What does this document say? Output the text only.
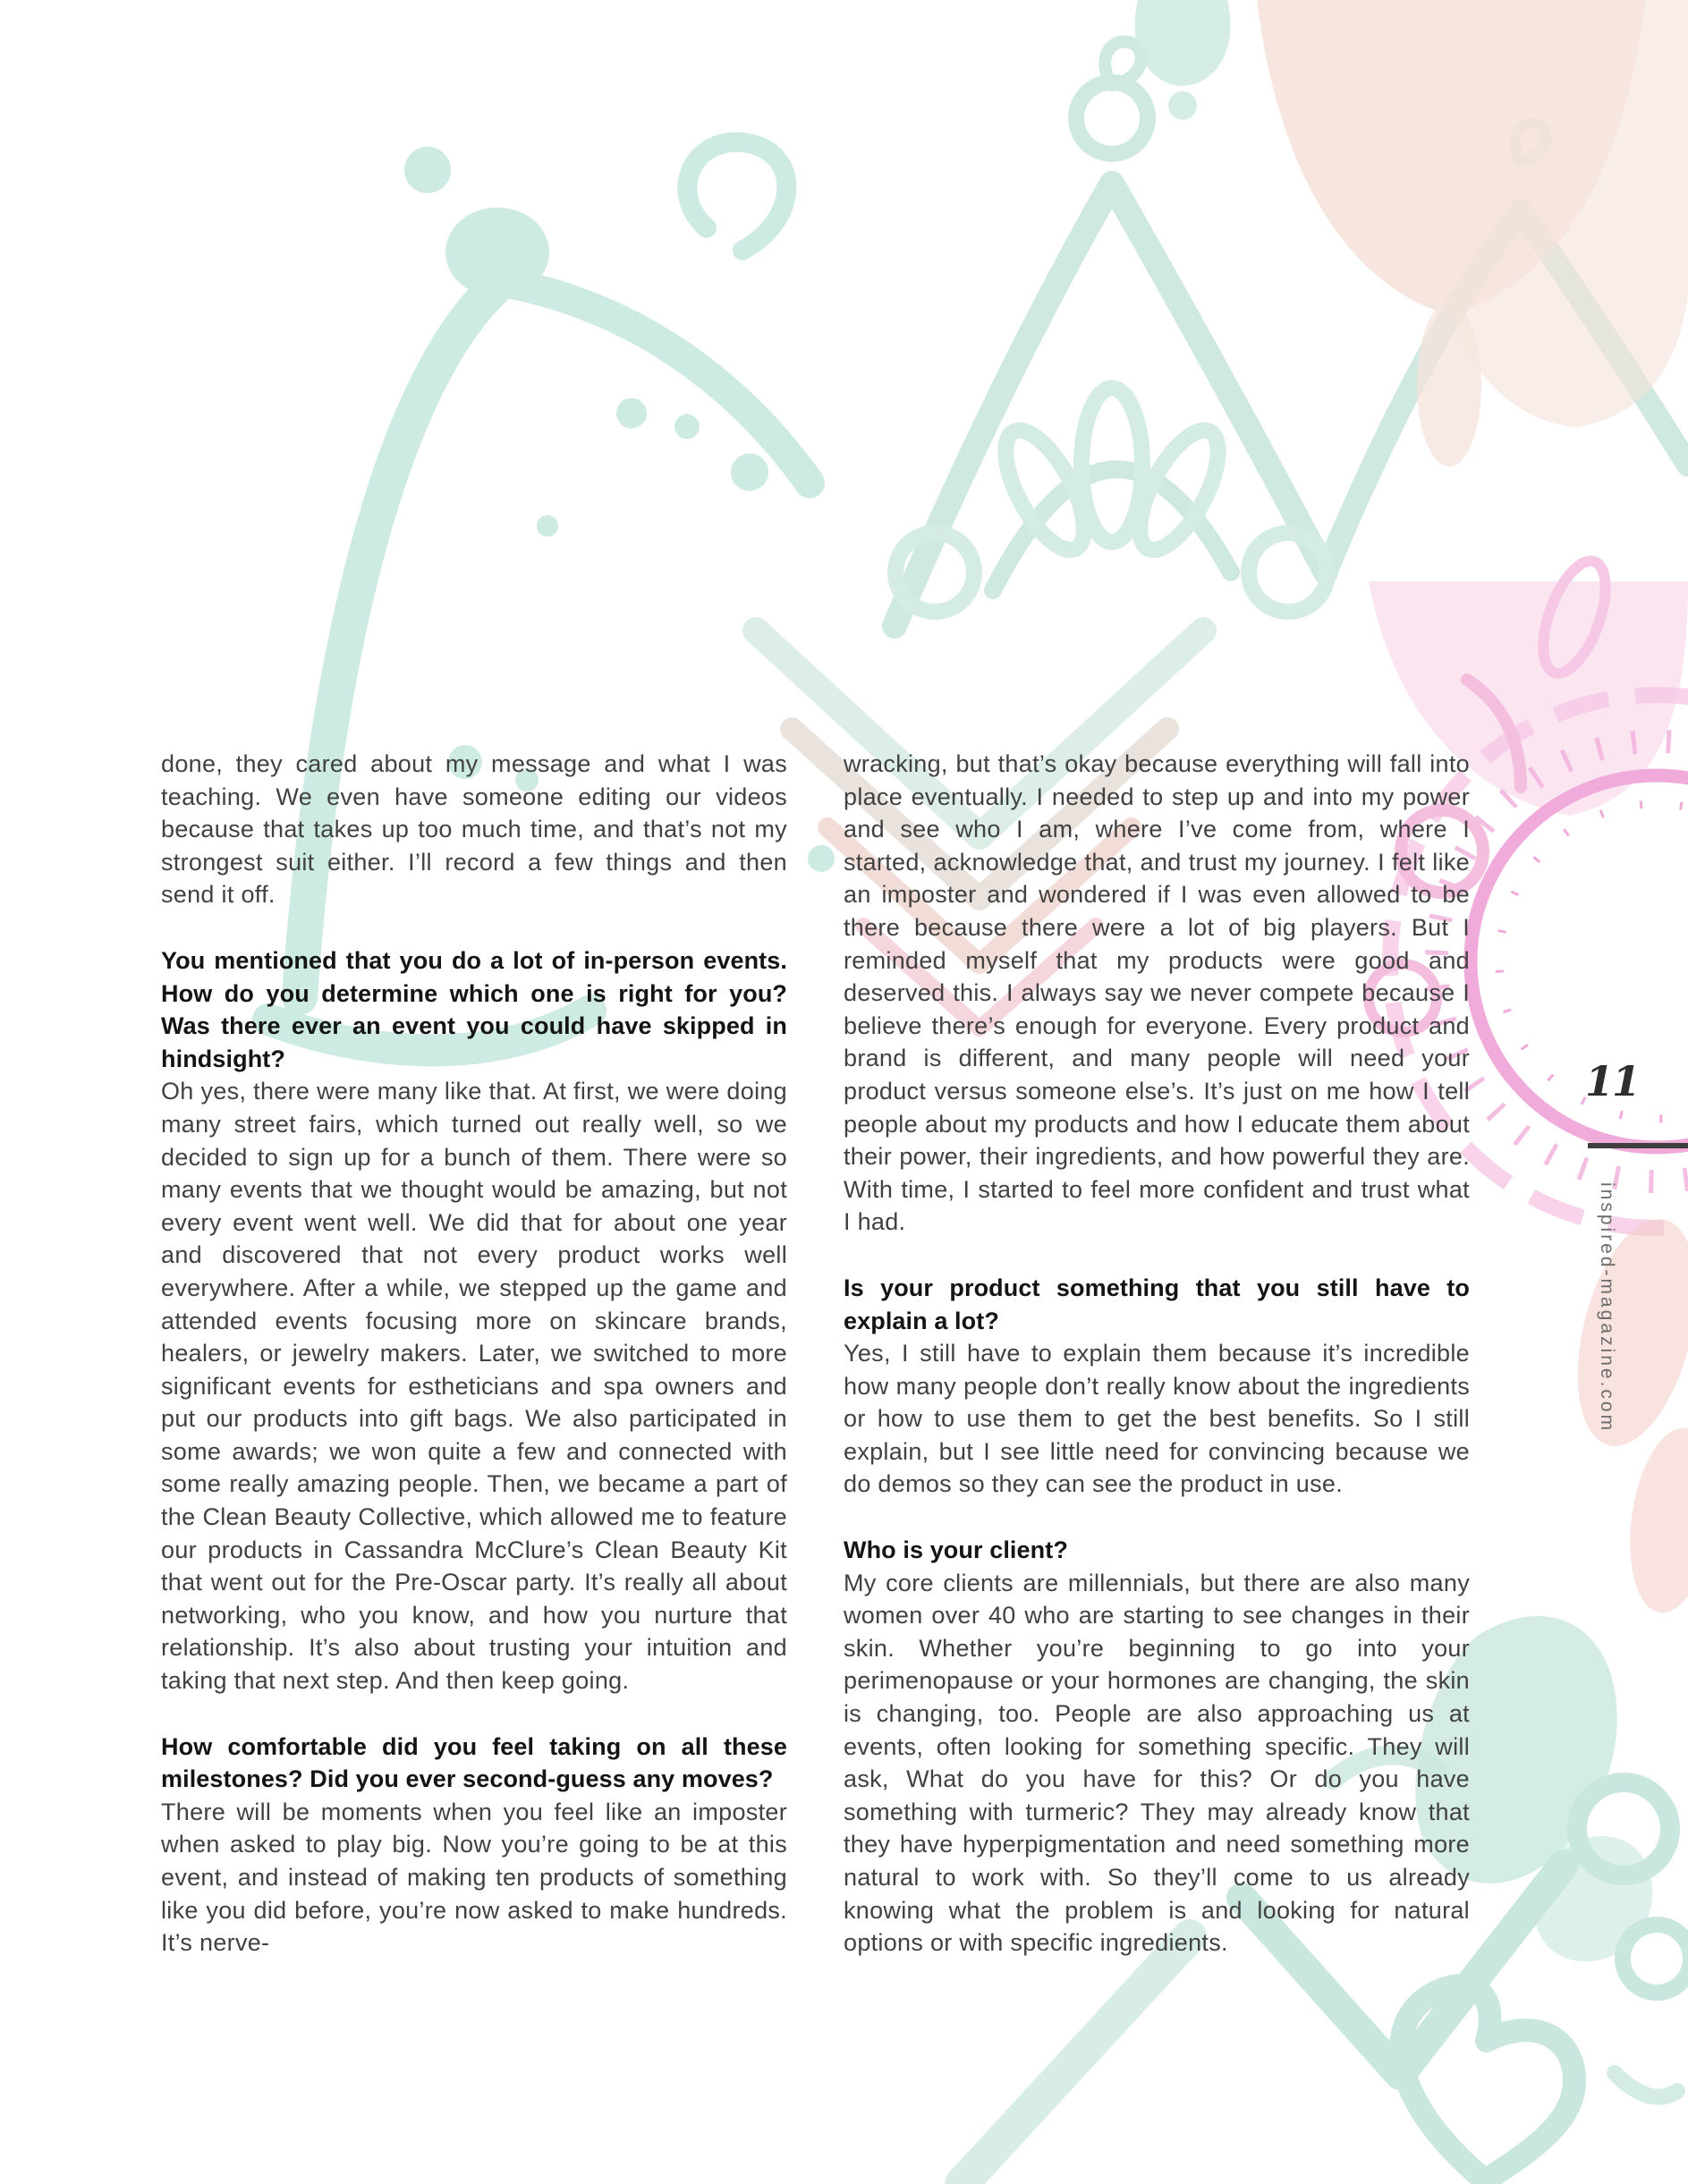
done, they cared about my message and what I was teaching. We even have someone editing our videos because that takes up too much time, and that’s not my strongest suit either. I’ll record a few things and then send it off.

You mentioned that you do a lot of in-person events. How do you determine which one is right for you? Was there ever an event you could have skipped in hindsight?

Oh yes, there were many like that. At first, we were doing many street fairs, which turned out really well, so we decided to sign up for a bunch of them. There were so many events that we thought would be amazing, but not every event went well. We did that for about one year and discovered that not every product works well everywhere. After a while, we stepped up the game and attended events focusing more on skincare brands, healers, or jewelry makers. Later, we switched to more significant events for estheticians and spa owners and put our products into gift bags. We also participated in some awards; we won quite a few and connected with some really amazing people. Then, we became a part of the Clean Beauty Collective, which allowed me to feature our products in Cassandra McClure’s Clean Beauty Kit that went out for the Pre-Oscar party. It’s really all about networking, who you know, and how you nurture that relationship. It’s also about trusting your intuition and taking that next step. And then keep going.

How comfortable did you feel taking on all these milestones? Did you ever second-guess any moves?

There will be moments when you feel like an imposter when asked to play big. Now you’re going to be at this event, and instead of making ten products of something like you did before, you’re now asked to make hundreds. It’s nerve-

wracking, but that’s okay because everything will fall into place eventually. I needed to step up and into my power and see who I am, where I’ve come from, where I started, acknowledge that, and trust my journey. I felt like an imposter and wondered if I was even allowed to be there because there were a lot of big players. But I reminded myself that my products were good and deserved this. I always say we never compete because I believe there’s enough for everyone. Every product and brand is different, and many people will need your product versus someone else’s. It’s just on me how I tell people about my products and how I educate them about their power, their ingredients, and how powerful they are. With time, I started to feel more confident and trust what I had.

Is your product something that you still have to explain a lot?

Yes, I still have to explain them because it’s incredible how many people don’t really know about the ingredients or how to use them to get the best benefits. So I still explain, but I see little need for convincing because we do demos so they can see the product in use.

Who is your client?

My core clients are millennials, but there are also many women over 40 who are starting to see changes in their skin. Whether you’re beginning to go into your perimenopause or your hormones are changing, the skin is changing, too. People are also approaching us at events, often looking for something specific. They will ask, What do you have for this? Or do you have something with turmeric? They may already know that they have hyperpigmentation and need something more natural to work with. So they’ll come to us already knowing what the problem is and looking for natural options or with specific ingredients.

11
inspired-magazine.com
